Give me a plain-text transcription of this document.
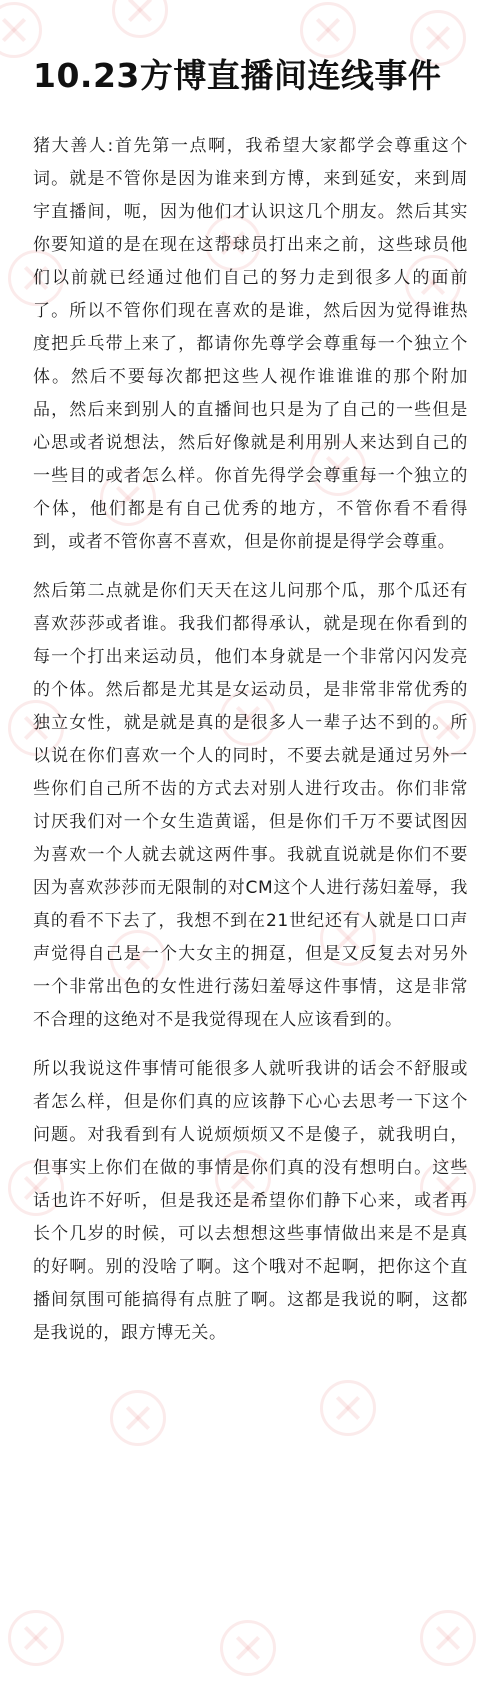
10.23方博直播间连线事件

猪大善人:首先第一点啊，我希望大家都学会尊重这个词。就是不管你是因为谁来到方博，来到延安，来到周宇直播间，呃，因为他们才认识这几个朋友。然后其实你要知道的是在现在这帮球员打出来之前，这些球员他们以前就已经通过他们自己的努力走到很多人的面前了。所以不管你们现在喜欢的是谁，然后因为觉得谁热度把乒乓带上来了，都请你先尊学会尊重每一个独立个体。然后不要每次都把这些人视作谁谁谁的那个附加品，然后来到别人的直播间也只是为了自己的一些但是心思或者说想法，然后好像就是利用别人来达到自己的一些目的或者怎么样。你首先得学会尊重每一个独立的个体，他们都是有自己优秀的地方，不管你看不看得到，或者不管你喜不喜欢，但是你前提是得学会尊重。

然后第二点就是你们天天在这儿问那个瓜，那个瓜还有喜欢莎莎或者谁。我我们都得承认，就是现在你看到的每一个打出来运动员，他们本身就是一个非常闪闪发亮的个体。然后都是尤其是女运动员，是非常非常优秀的独立女性，就是就是真的是很多人一辈子达不到的。所以说在你们喜欢一个人的同时，不要去就是通过另外一些你们自己所不齿的方式去对别人进行攻击。你们非常讨厌我们对一个女生造黄谣，但是你们千万不要试图因为喜欢一个人就去就这两件事。我就直说就是你们不要因为喜欢莎莎而无限制的对CM这个人进行荡妇羞辱，我真的看不下去了，我想不到在21世纪还有人就是口口声声觉得自己是一个大女主的拥趸，但是又反复去对另外一个非常出色的女性进行荡妇羞辱这件事情，这是非常不合理的这绝对不是我觉得现在人应该看到的。

所以我说这件事情可能很多人就听我讲的话会不舒服或者怎么样，但是你们真的应该静下心心去思考一下这个问题。对我看到有人说烦烦烦又不是傻子，就我明白，但事实上你们在做的事情是你们真的没有想明白。这些话也许不好听，但是我还是希望你们静下心来，或者再长个几岁的时候，可以去想想这些事情做出来是不是真的好啊。别的没啥了啊。这个哦对不起啊，把你这个直播间氛围可能搞得有点脏了啊。这都是我说的啊，这都是我说的，跟方博无关。
